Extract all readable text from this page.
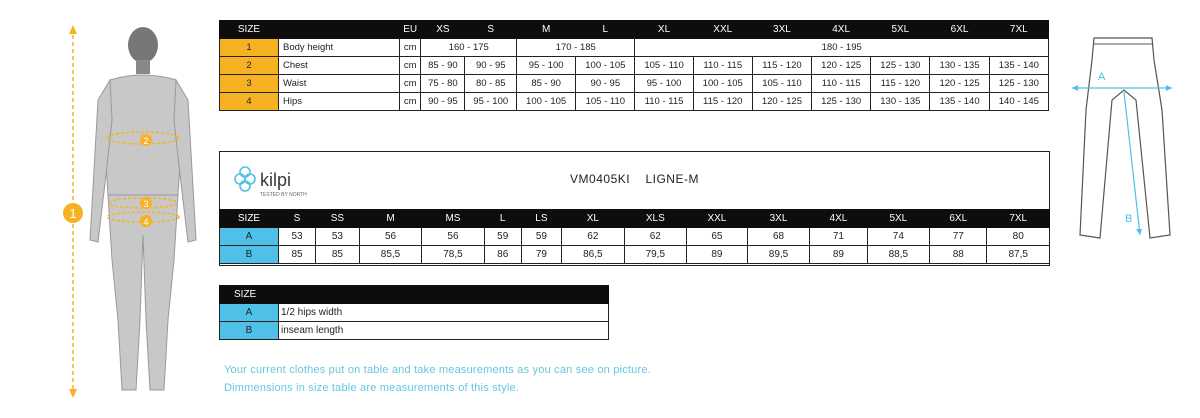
1
2
3
4
SIZE		EU	XS	S	M	L	XL	XXL	3XL	4XL	5XL	6XL	7XL
1	Body height	cm	160 - 175		170 - 185		180 - 195						
2	Chest	cm	85 - 90	90 - 95	95 - 100	100 - 105	105 - 110	110 - 115	115 - 120	120 - 125	125 - 130	130 - 135	135 - 140
3	Waist	cm	75 - 80	80 - 85	85 - 90	90 - 95	95 - 100	100 - 105	105 - 110	110 - 115	115 - 120	120 - 125	125 - 130
4	Hips	cm	90 - 95	95 - 100	100 - 105	105 - 110	110 - 115	115 - 120	120 - 125	125 - 130	130 - 135	135 - 140	140 - 145
kilpi
TESTED BY NORTH
VM0405KI LIGNE-M
SIZE	S	SS	M	MS	L	LS	XL	XLS	XXL	3XL	4XL	5XL	6XL	7XL
A	53	53	56	56	59	59	62	62	65	68	71	74	77	80
B	85	85	85,5	78,5	86	79	86,5	79,5	89	89,5	89	88,5	88	87,5
SIZE	
A	1/2 hips width
B	inseam length
A
B
Your current clothes put on table and take measurements as you can see on picture.
Dimmensions in size table are measurements of this style.
